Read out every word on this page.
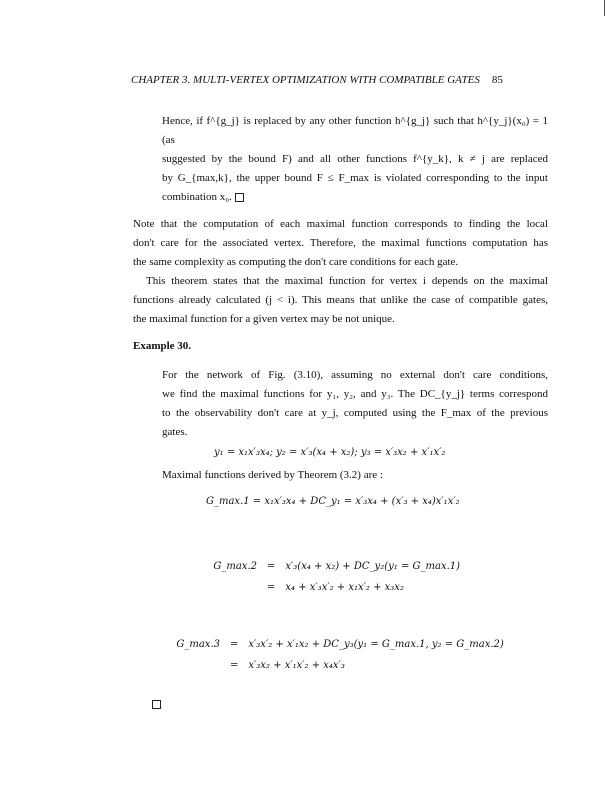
CHAPTER 3. MULTI-VERTEX OPTIMIZATION WITH COMPATIBLE GATES 85
Hence, if f^{g_j} is replaced by any other function h^{g_j} such that h^{y_j}(x₀) = 1 (as
suggested by the bound F) and all other functions f^{y_k}, k ≠ j are replaced
by G_{max,k}, the upper bound F ≤ F_max is violated corresponding to the input
combination x₀.
Note that the computation of each maximal function corresponds to finding the local
don't care for the associated vertex. Therefore, the maximal functions computation has
the same complexity as computing the don't care conditions for each gate.
This theorem states that the maximal function for vertex i depends on the maximal
functions already calculated (j < i). This means that unlike the case of compatible gates,
the maximal function for a given vertex may be not unique.
Example 30.
For the network of Fig. (3.10), assuming no external don't care conditions,
we find the maximal functions for y₁, y₂, and y₃. The DC_{y_j} terms correspond
to the observability don't care at y_j, computed using the F_max of the previous
gates.
y₁ = x₁x′₃x₄; y₂ = x′₃(x₄ + x₂); y₃ = x′₃x₂ + x′₁x′₂
Maximal functions derived by Theorem (3.2) are :
G_max.1 = x₁x′₃x₄ + DC_y₁ = x′₃x₄ + (x′₃ + x₄)x′₁x′₂
G_max.2 = x′₃(x₄ + x₂) + DC_y₂(y₁ = G_max.1)
= x₄ + x′₃x′₂ + x₁x′₂ + x₃x₂
G_max.3 = x′₃x′₂ + x′₁x₂ + DC_y₃(y₁ = G_max.1, y₂ = G_max.2)
= x′₃x₂ + x′₁x′₂ + x₄x′₃
